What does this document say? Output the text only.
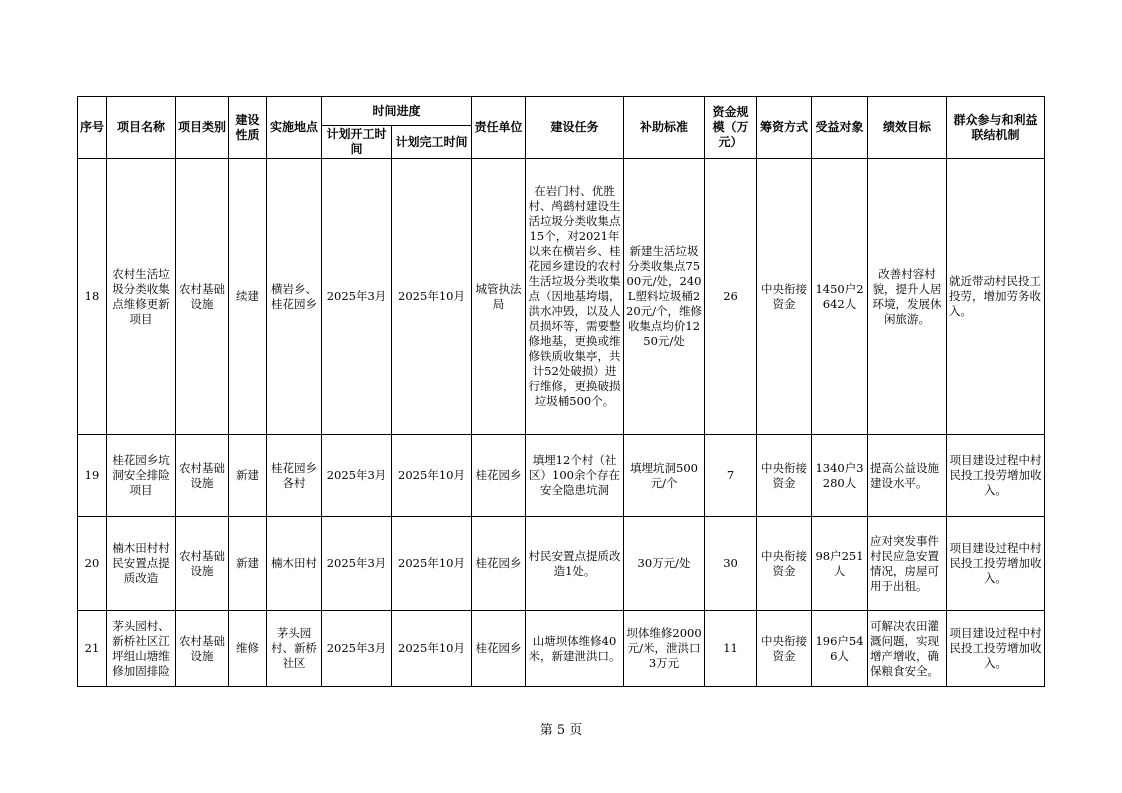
序号	项目名称	项目类别	建设性质	实施地点	时间进度		责任单位	建设任务	补助标准	资金规模（万元）	筹资方式	受益对象	绩效目标	群众参与和利益联结机制
					计划开工时间	计划完工时间								
18	农村生活垃圾分类收集点维修更新项目	农村基础设施	续建	横岩乡、桂花园乡	2025年3月	2025年10月	城管执法局	在岩门村、优胜村、鸬鹚村建设生活垃圾分类收集点15个，对2021年以来在横岩乡、桂花园乡建设的农村生活垃圾分类收集点（因地基垮塌，洪水冲毁，以及人员损坏等，需要整修地基，更换或维修铁质收集亭，共计52处破损）进行维修，更换破损垃圾桶500个。	新建生活垃圾分类收集点7500元/处，240L塑料垃圾桶220元/个，维修收集点均价1250元/处	26	中央衔接资金	1450户2642人	改善村容村貌，提升人居环境，发展休闲旅游。	就近带动村民投工投劳，增加劳务收入。
19	桂花园乡坑洞安全排险项目	农村基础设施	新建	桂花园乡各村	2025年3月	2025年10月	桂花园乡	填埋12个村（社区）100余个存在安全隐患坑洞	填埋坑洞500元/个	7	中央衔接资金	1340户3280人	提高公益设施建设水平。	项目建设过程中村民投工投劳增加收入。
20	楠木田村村民安置点提质改造	农村基础设施	新建	楠木田村	2025年3月	2025年10月	桂花园乡	村民安置点提质改造1处。	30万元/处	30	中央衔接资金	98户251人	应对突发事件村民应急安置情况，房屋可用于出租。	项目建设过程中村民投工投劳增加收入。
21	茅头园村、新桥社区江坪组山塘维修加固排险	农村基础设施	维修	茅头园村、新桥社区	2025年3月	2025年10月	桂花园乡	山塘坝体维修40米，新建泄洪口。	坝体维修2000元/米，泄洪口3万元	11	中央衔接资金	196户546人	可解决农田灌溉问题，实现增产增收，确保粮食安全。	项目建设过程中村民投工投劳增加收入。
第 5 页
